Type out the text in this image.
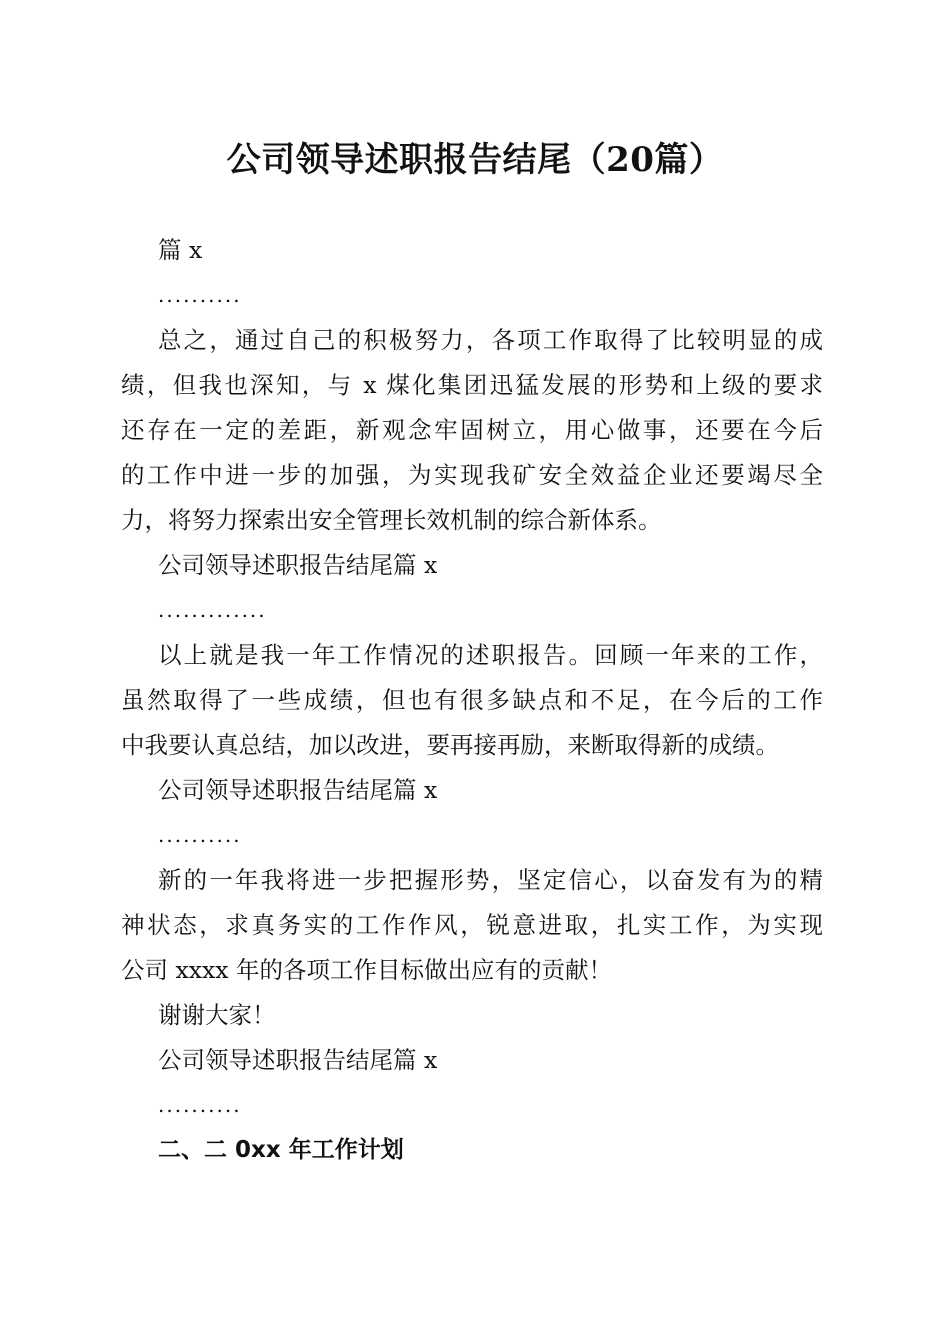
公司领导述职报告结尾（20篇）
篇 x
..........
总之，通过自己的积极努力，各项工作取得了比较明显的成
绩，但我也深知，与 x 煤化集团迅猛发展的形势和上级的要求
还存在一定的差距，新观念牢固树立，用心做事，还要在今后
的工作中进一步的加强，为实现我矿安全效益企业还要竭尽全
力，将努力探索出安全管理长效机制的综合新体系。
公司领导述职报告结尾篇 x
.............
以上就是我一年工作情况的述职报告。回顾一年来的工作，
虽然取得了一些成绩，但也有很多缺点和不足，在今后的工作
中我要认真总结，加以改进，要再接再励，来断取得新的成绩。
公司领导述职报告结尾篇 x
..........
新的一年我将进一步把握形势，坚定信心，以奋发有为的精
神状态，求真务实的工作作风，锐意进取，扎实工作，为实现
公司 xxxx 年的各项工作目标做出应有的贡献！
谢谢大家！
公司领导述职报告结尾篇 x
..........
二、二 0xx 年工作计划
